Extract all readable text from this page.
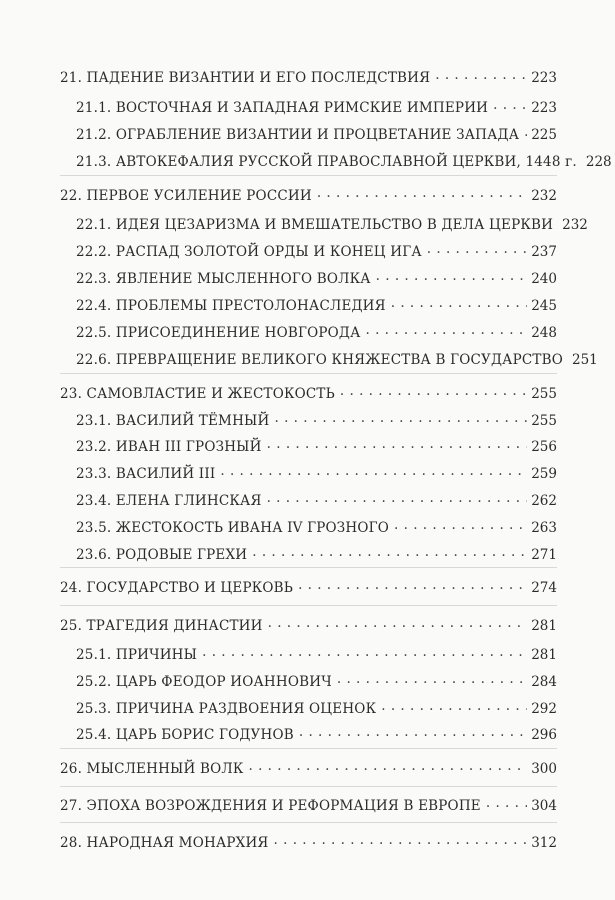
21. ПАДЕНИЕ ВИЗАНТИИ И ЕГО ПОСЛЕДСТВИЯ . . .	223
21.1. ВОСТОЧНАЯ И ЗАПАДНАЯ РИМСКИЕ ИМПЕРИИ . . .	223
21.2. ОГРАБЛЕНИЕ ВИЗАНТИИ И ПРОЦВЕТАНИЕ ЗАПАДА . . . 225
21.3. АВТОКЕФАЛИЯ РУССКОЙ ПРАВОСЛАВНОЙ ЦЕРКВИ, 1448 г. 228
22. ПЕРВОЕ УСИЛЕНИЕ РОССИИ . . .	232
22.1. ИДЕЯ ЦЕЗАРИЗМА И ВМЕШАТЕЛЬСТВО В ДЕЛА ЦЕРКВИ 232
22.2. РАСПАД ЗОЛОТОЙ ОРДЫ И КОНЕЦ ИГА . . .	237
22.3. ЯВЛЕНИЕ МЫСЛЕННОГО ВОЛКА . . .	240
22.4. ПРОБЛЕМЫ ПРЕСТОЛОНАСЛЕДИЯ . . .	245
22.5. ПРИСОЕДИНЕНИЕ НОВГОРОДА . . .	248
22.6. ПРЕВРАЩЕНИЕ ВЕЛИКОГО КНЯЖЕСТВА В ГОСУДАРСТВО 251
23. САМОВЛАСТИЕ И ЖЕСТОКОСТЬ . . .	255
23.1. ВАСИЛИЙ ТЁМНЫЙ . . .	255
23.2. ИВАН III ГРОЗНЫЙ . . .	256
23.3. ВАСИЛИЙ III . . .	259
23.4. ЕЛЕНА ГЛИНСКАЯ . . .	262
23.5. ЖЕСТОКОСТЬ ИВАНА IV ГРОЗНОГО . . .	263
23.6. РОДОВЫЕ ГРЕХИ . . .	271
24. ГОСУДАРСТВО И ЦЕРКОВЬ . . .	274
25. ТРАГЕДИЯ ДИНАСТИИ . . .	281
25.1. ПРИЧИНЫ . . .	281
25.2. ЦАРЬ ФЕОДОР ИОАННОВИЧ . . .	284
25.3. ПРИЧИНА РАЗДВОЕНИЯ ОЦЕНОК . . .	292
25.4. ЦАРЬ БОРИС ГОДУНОВ . . .	296
26. МЫСЛЕННЫЙ ВОЛК . . .	300
27. ЭПОХА ВОЗРОЖДЕНИЯ И РЕФОРМАЦИЯ В ЕВРОПЕ . . .	304
28. НАРОДНАЯ МОНАРХИЯ . . .	312
